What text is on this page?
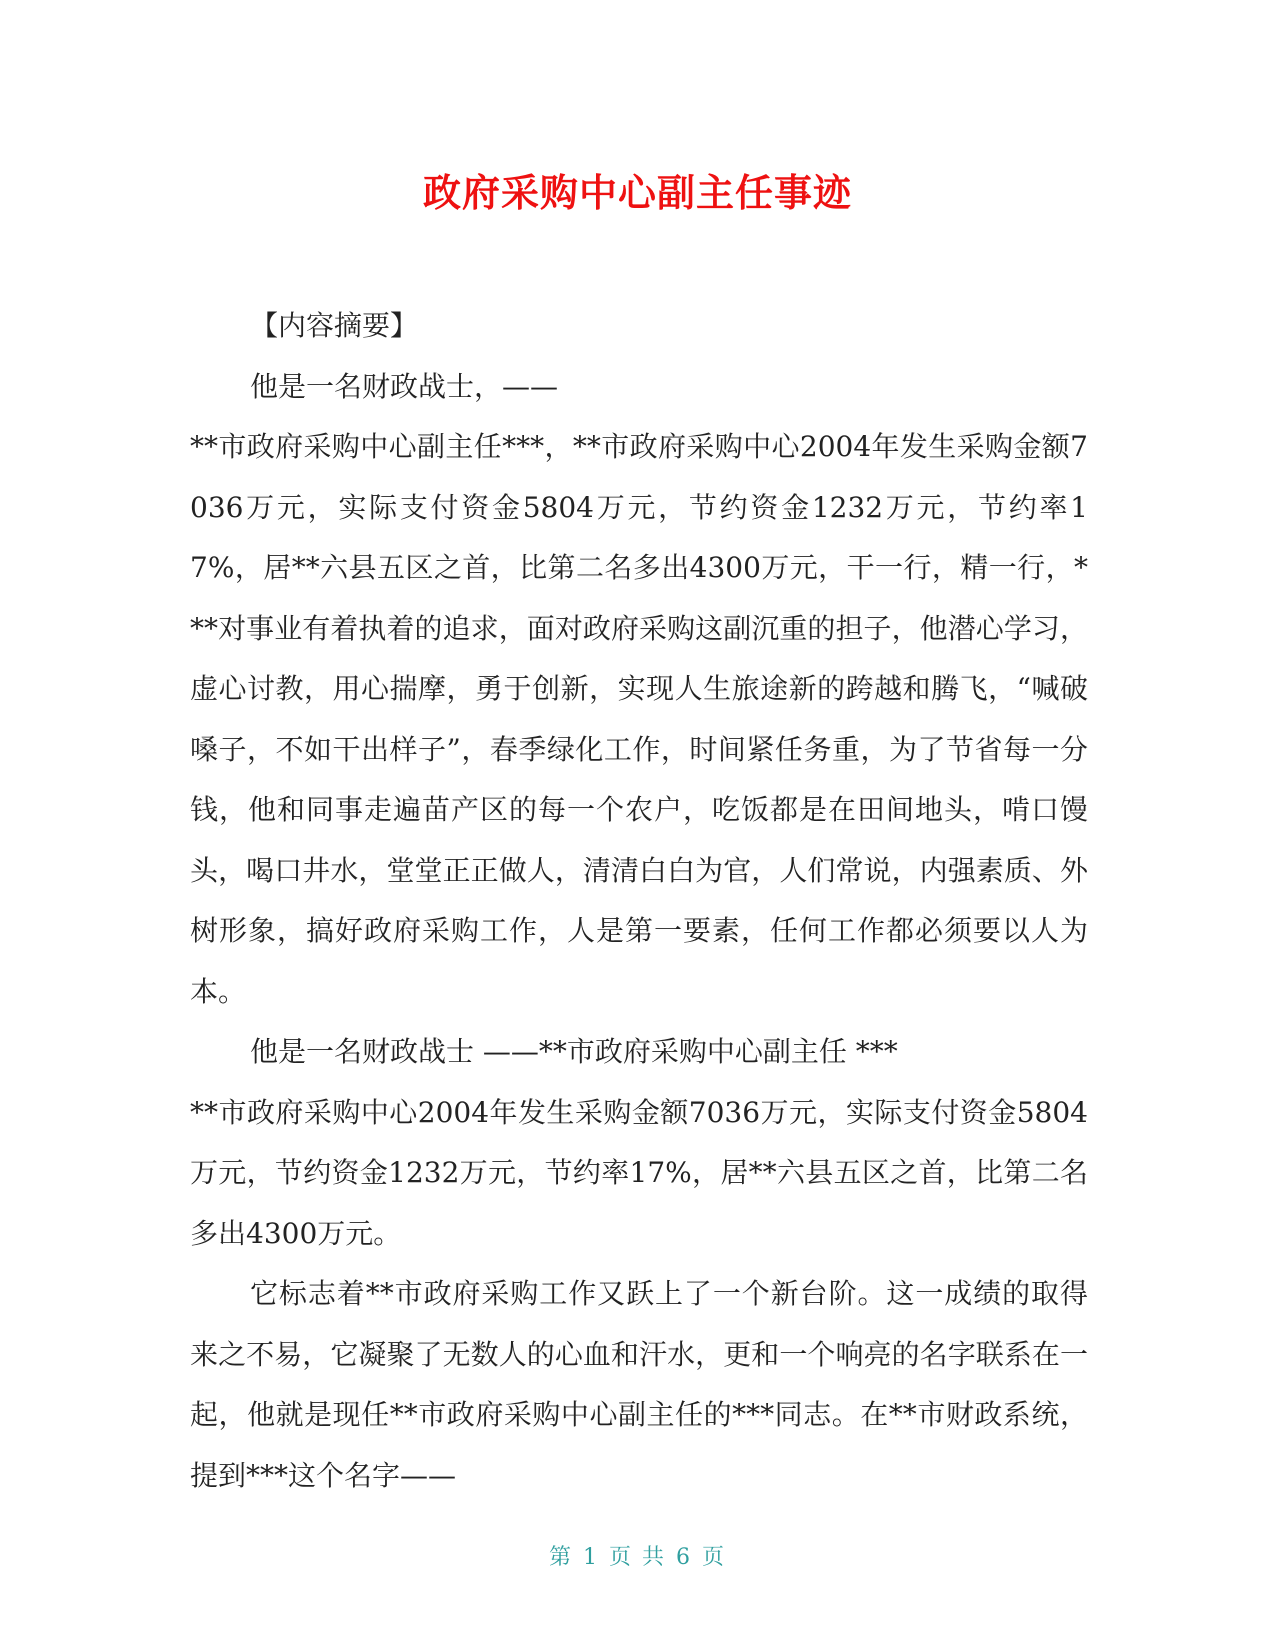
政府采购中心副主任事迹

【内容摘要】

他是一名财政战士，——

**市政府采购中心副主任***，**市政府采购中心2004年发生采购金额7036万元，实际支付资金5804万元，节约资金1232万元，节约率17%，居**六县五区之首，比第二名多出4300万元，干一行，精一行，***对事业有着执着的追求，面对政府采购这副沉重的担子，他潜心学习，虚心讨教，用心揣摩，勇于创新，实现人生旅途新的跨越和腾飞，“喊破嗓子，不如干出样子”，春季绿化工作，时间紧任务重，为了节省每一分钱，他和同事走遍苗产区的每一个农户，吃饭都是在田间地头，啃口馒头，喝口井水，堂堂正正做人，清清白白为官，人们常说，内强素质、外树形象，搞好政府采购工作，人是第一要素，任何工作都必须要以人为本。

他是一名财政战士 ——**市政府采购中心副主任 ***

**市政府采购中心2004年发生采购金额7036万元，实际支付资金5804万元，节约资金1232万元，节约率17%，居**六县五区之首，比第二名多出4300万元。

它标志着**市政府采购工作又跃上了一个新台阶。这一成绩的取得来之不易，它凝聚了无数人的心血和汗水，更和一个响亮的名字联系在一起，他就是现任**市政府采购中心副主任的***同志。在**市财政系统，提到***这个名字——

第 1 页 共 6 页
